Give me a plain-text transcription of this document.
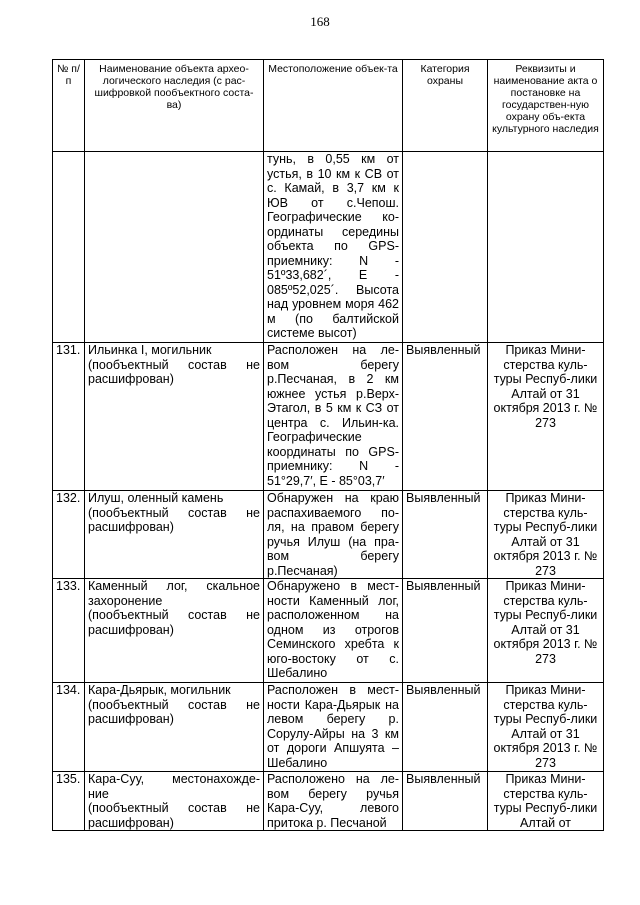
168
№ п/п	Наименование объекта архео-логического наследия (с рас-шифровкой пообъектного соста-ва)	Местоположение объек-та	Категория охраны	Реквизиты и наименование акта о постановке на государствен-ную охрану объ-екта культурного наследия
		тунь, в 0,55 км от устья, в 10 км к СВ от с. Камай, в 3,7 км к ЮВ от с.Чепош. Географические ко-ординаты середины объекта по GPS-приемнику: N - 51º33,682´, E - 085º52,025´. Высота над уровнем моря 462 м (по балтийской системе высот)		
131.	Ильинка I, могильник
(пообъектный состав не
расшифрован)	Расположен на ле-вом берегу р.Песчаная, в 2 км южнее устья р.Верх-Этагол, в 5 км к СЗ от центра с. Ильин-ка. Географические координаты по GPS-приемнику: N - 51°29,7′, E - 85°03,7′	Выявленный	Приказ Мини-стерства куль-туры Респуб-лики Алтай от 31 октября 2013 г. № 273
132.	Илуш, оленный камень
(пообъектный состав не
расшифрован)	Обнаружен на краю распахиваемого по-ля, на правом берегу ручья Илуш (на пра-вом берегу р.Песчаная)	Выявленный	Приказ Мини-стерства куль-туры Респуб-лики Алтай от 31 октября 2013 г. № 273
133.	Каменный лог, скальное
захоронение
(пообъектный состав не
расшифрован)	Обнаружено в мест-ности Каменный лог, расположенном на одном из отрогов Семинского хребта к юго-востоку от с. Шебалино	Выявленный	Приказ Мини-стерства куль-туры Респуб-лики Алтай от 31 октября 2013 г. № 273
134.	Кара-Дьярык, могильник
(пообъектный состав не
расшифрован)	Расположен в мест-ности Кара-Дьярык на левом берегу р. Сорулу-Айры на 3 км от дороги Апшуята – Шебалино	Выявленный	Приказ Мини-стерства куль-туры Респуб-лики Алтай от 31 октября 2013 г. № 273
135.	Кара-Суу, местонахожде-
ние
(пообъектный состав не
расшифрован)	Расположено на ле-вом берегу ручья Кара-Суу, левого притока р. Песчаной	Выявленный	Приказ Мини-стерства куль-туры Респуб-лики Алтай от
